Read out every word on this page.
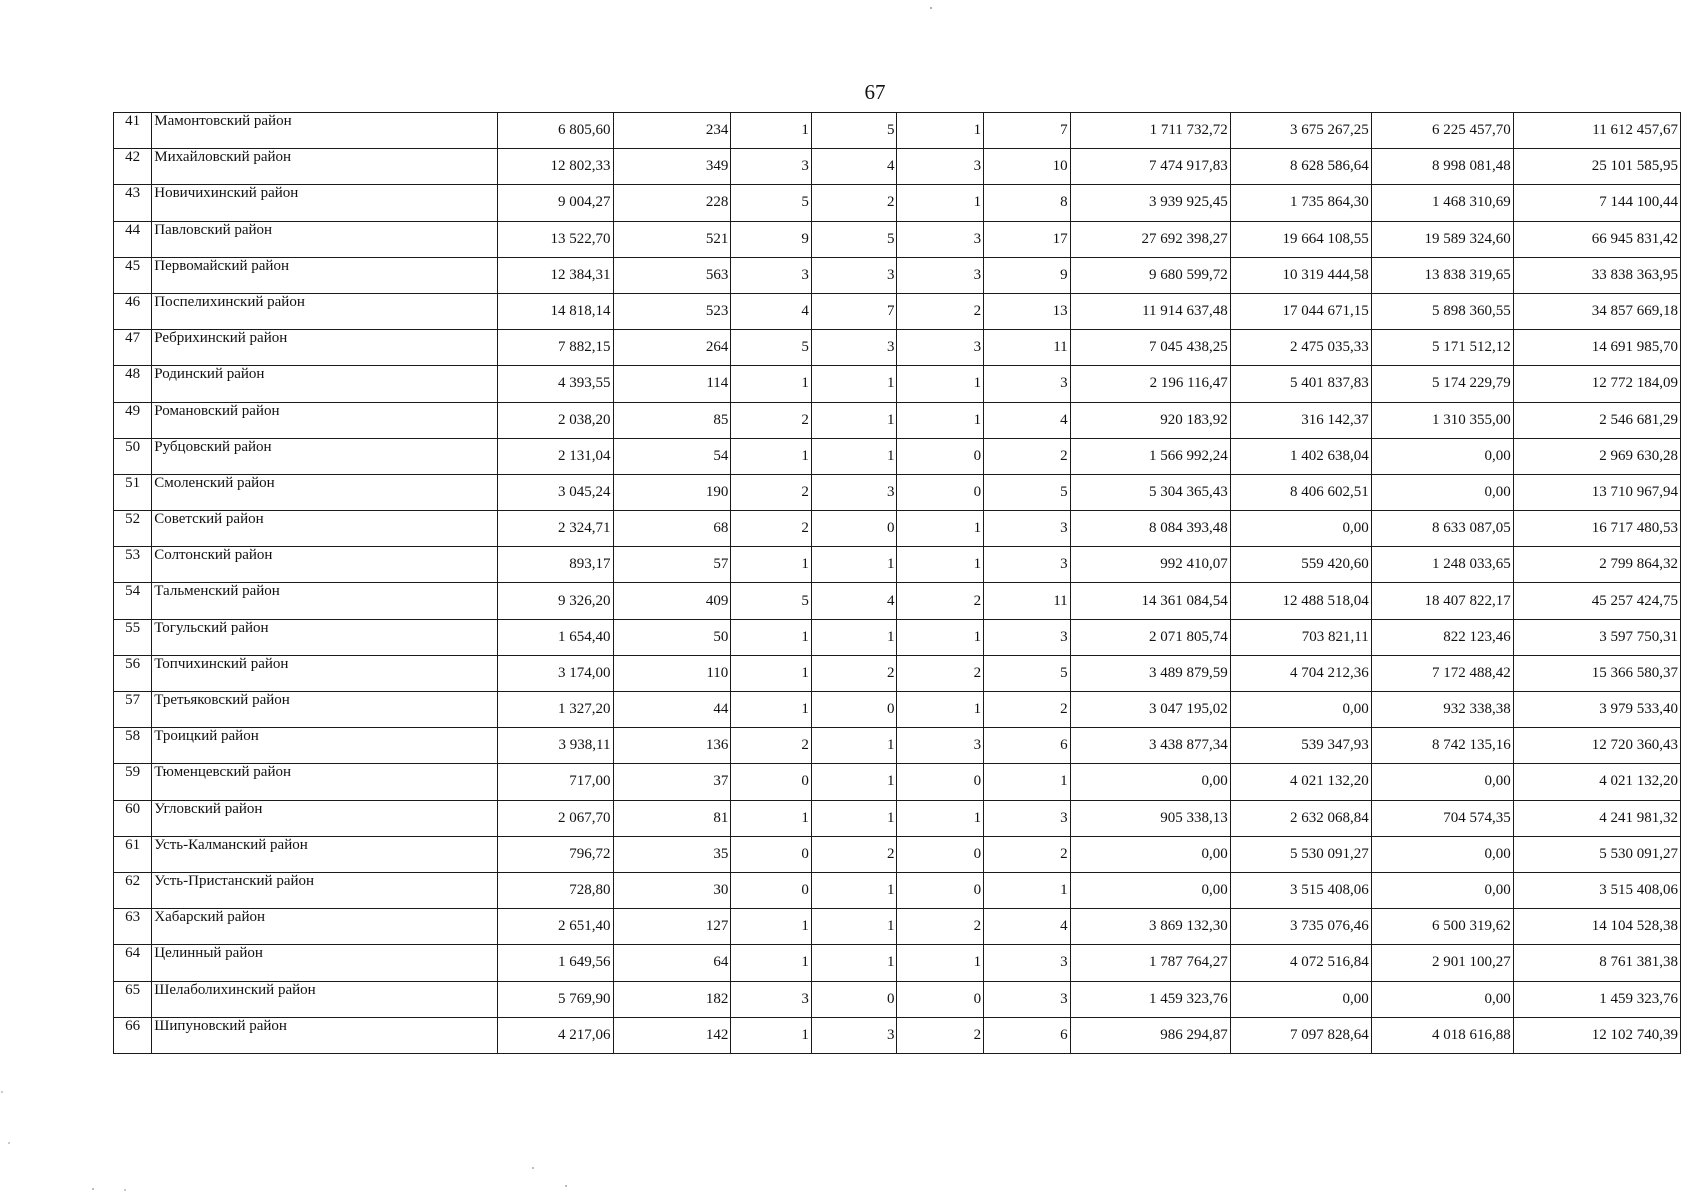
67
41	Мамонтовский район	6 805,60	234	1	5	1	7	1 711 732,72	3 675 267,25	6 225 457,70	11 612 457,67
42	Михайловский район	12 802,33	349	3	4	3	10	7 474 917,83	8 628 586,64	8 998 081,48	25 101 585,95
43	Новичихинский район	9 004,27	228	5	2	1	8	3 939 925,45	1 735 864,30	1 468 310,69	7 144 100,44
44	Павловский район	13 522,70	521	9	5	3	17	27 692 398,27	19 664 108,55	19 589 324,60	66 945 831,42
45	Первомайский район	12 384,31	563	3	3	3	9	9 680 599,72	10 319 444,58	13 838 319,65	33 838 363,95
46	Поспелихинский район	14 818,14	523	4	7	2	13	11 914 637,48	17 044 671,15	5 898 360,55	34 857 669,18
47	Ребрихинский район	7 882,15	264	5	3	3	11	7 045 438,25	2 475 035,33	5 171 512,12	14 691 985,70
48	Родинский район	4 393,55	114	1	1	1	3	2 196 116,47	5 401 837,83	5 174 229,79	12 772 184,09
49	Романовский район	2 038,20	85	2	1	1	4	920 183,92	316 142,37	1 310 355,00	2 546 681,29
50	Рубцовский район	2 131,04	54	1	1	0	2	1 566 992,24	1 402 638,04	0,00	2 969 630,28
51	Смоленский район	3 045,24	190	2	3	0	5	5 304 365,43	8 406 602,51	0,00	13 710 967,94
52	Советский район	2 324,71	68	2	0	1	3	8 084 393,48	0,00	8 633 087,05	16 717 480,53
53	Солтонский район	893,17	57	1	1	1	3	992 410,07	559 420,60	1 248 033,65	2 799 864,32
54	Тальменский район	9 326,20	409	5	4	2	11	14 361 084,54	12 488 518,04	18 407 822,17	45 257 424,75
55	Тогульский район	1 654,40	50	1	1	1	3	2 071 805,74	703 821,11	822 123,46	3 597 750,31
56	Топчихинский район	3 174,00	110	1	2	2	5	3 489 879,59	4 704 212,36	7 172 488,42	15 366 580,37
57	Третьяковский район	1 327,20	44	1	0	1	2	3 047 195,02	0,00	932 338,38	3 979 533,40
58	Троицкий район	3 938,11	136	2	1	3	6	3 438 877,34	539 347,93	8 742 135,16	12 720 360,43
59	Тюменцевский район	717,00	37	0	1	0	1	0,00	4 021 132,20	0,00	4 021 132,20
60	Угловский район	2 067,70	81	1	1	1	3	905 338,13	2 632 068,84	704 574,35	4 241 981,32
61	Усть-Калманский район	796,72	35	0	2	0	2	0,00	5 530 091,27	0,00	5 530 091,27
62	Усть-Пристанский район	728,80	30	0	1	0	1	0,00	3 515 408,06	0,00	3 515 408,06
63	Хабарский район	2 651,40	127	1	1	2	4	3 869 132,30	3 735 076,46	6 500 319,62	14 104 528,38
64	Целинный район	1 649,56	64	1	1	1	3	1 787 764,27	4 072 516,84	2 901 100,27	8 761 381,38
65	Шелаболихинский район	5 769,90	182	3	0	0	3	1 459 323,76	0,00	0,00	1 459 323,76
66	Шипуновский район	4 217,06	142	1	3	2	6	986 294,87	7 097 828,64	4 018 616,88	12 102 740,39
